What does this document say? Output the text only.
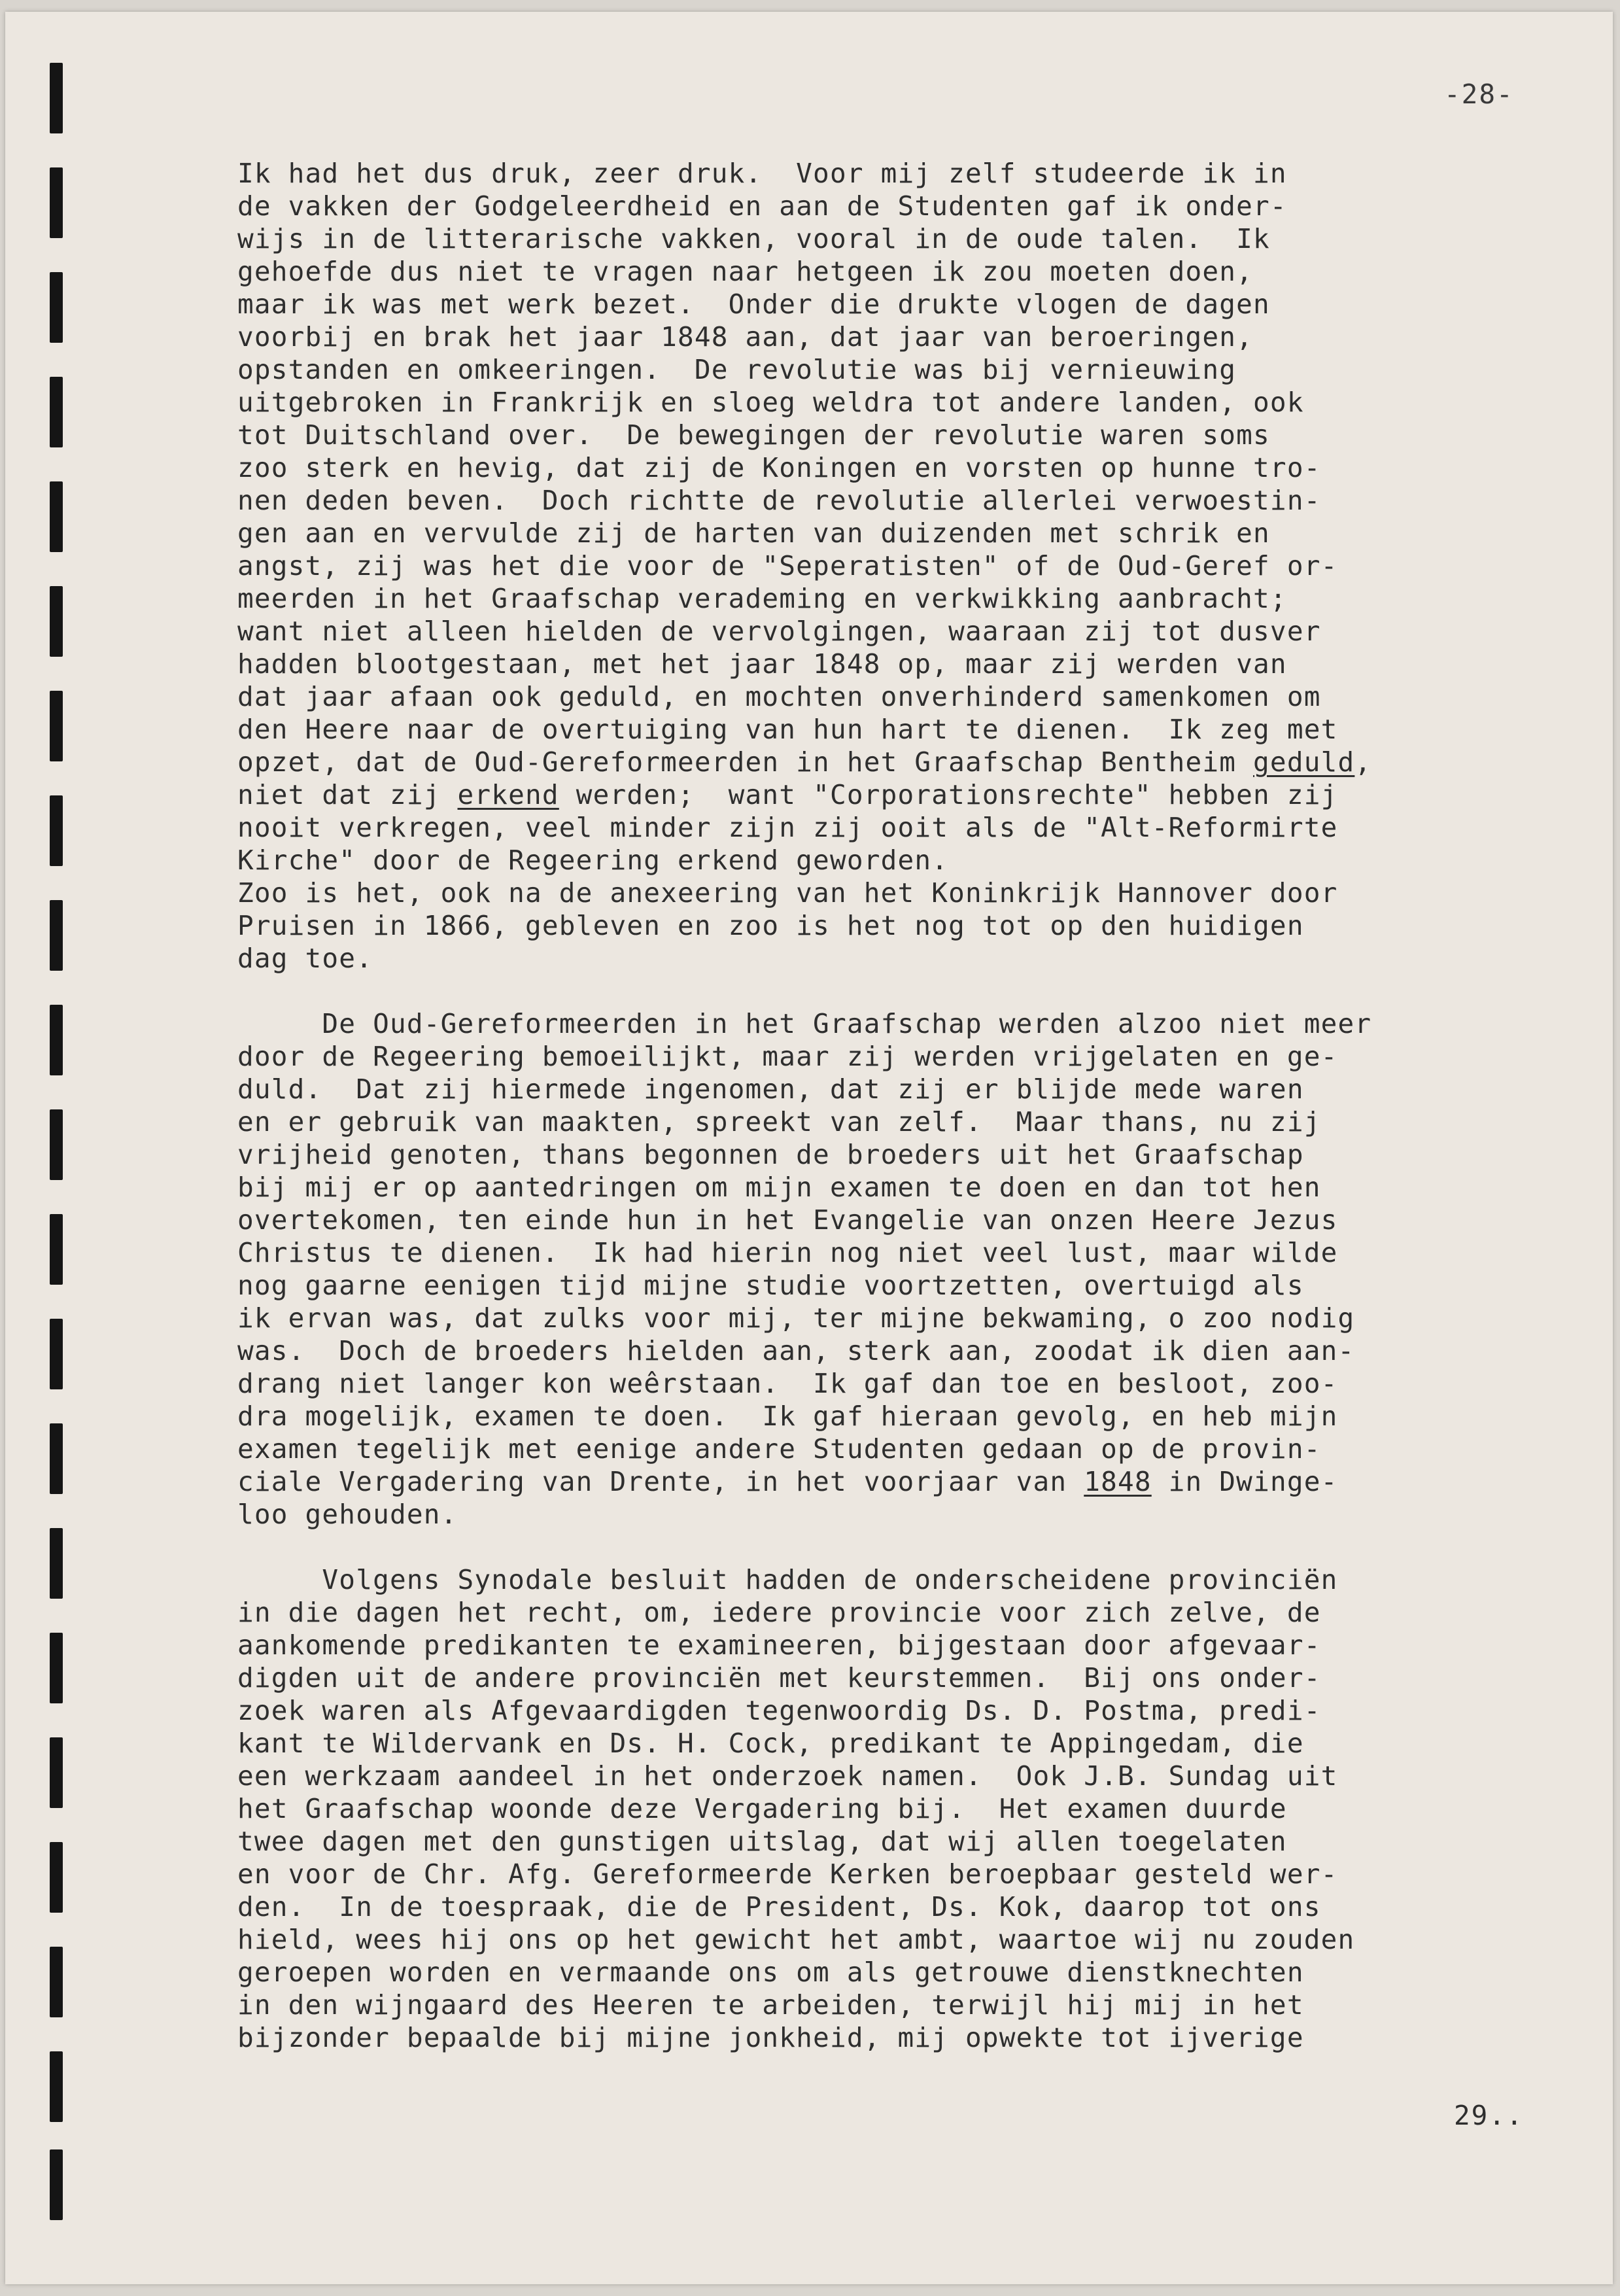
-28-
Ik had het dus druk, zeer druk.  Voor mij zelf studeerde ik in
de vakken der Godgeleerdheid en aan de Studenten gaf ik onder-
wijs in de litterarische vakken, vooral in de oude talen.  Ik
gehoefde dus niet te vragen naar hetgeen ik zou moeten doen,
maar ik was met werk bezet.  Onder die drukte vlogen de dagen
voorbij en brak het jaar 1848 aan, dat jaar van beroeringen,
opstanden en omkeeringen.  De revolutie was bij vernieuwing
uitgebroken in Frankrijk en sloeg weldra tot andere landen, ook
tot Duitschland over.  De bewegingen der revolutie waren soms
zoo sterk en hevig, dat zij de Koningen en vorsten op hunne tro-
nen deden beven.  Doch richtte de revolutie allerlei verwoestin-
gen aan en vervulde zij de harten van duizenden met schrik en
angst, zij was het die voor de "Seperatisten" of de Oud-Geref or-
meerden in het Graafschap verademing en verkwikking aanbracht;
want niet alleen hielden de vervolgingen, waaraan zij tot dusver
hadden blootgestaan, met het jaar 1848 op, maar zij werden van
dat jaar afaan ook geduld, en mochten onverhinderd samenkomen om
den Heere naar de overtuiging van hun hart te dienen.  Ik zeg met
opzet, dat de Oud-Gereformeerden in het Graafschap Bentheim geduld,
niet dat zij erkend werden;  want "Corporationsrechte" hebben zij
nooit verkregen, veel minder zijn zij ooit als de "Alt-Reformirte
Kirche" door de Regeering erkend geworden.
Zoo is het, ook na de anexeering van het Koninkrijk Hannover door
Pruisen in 1866, gebleven en zoo is het nog tot op den huidigen
dag toe.
De Oud-Gereformeerden in het Graafschap werden alzoo niet meer
door de Regeering bemoeilijkt, maar zij werden vrijgelaten en ge-
duld.  Dat zij hiermede ingenomen, dat zij er blijde mede waren
en er gebruik van maakten, spreekt van zelf.  Maar thans, nu zij
vrijheid genoten, thans begonnen de broeders uit het Graafschap
bij mij er op aantedringen om mijn examen te doen en dan tot hen
overtekomen, ten einde hun in het Evangelie van onzen Heere Jezus
Christus te dienen.  Ik had hierin nog niet veel lust, maar wilde
nog gaarne eenigen tijd mijne studie voortzetten, overtuigd als
ik ervan was, dat zulks voor mij, ter mijne bekwaming, o zoo nodig
was.  Doch de broeders hielden aan, sterk aan, zoodat ik dien aan-
drang niet langer kon weêrstaan.  Ik gaf dan toe en besloot, zoo-
dra mogelijk, examen te doen.  Ik gaf hieraan gevolg, en heb mijn
examen tegelijk met eenige andere Studenten gedaan op de provin-
ciale Vergadering van Drente, in het voorjaar van 1848 in Dwinge-
loo gehouden.
Volgens Synodale besluit hadden de onderscheidene provinciën
in die dagen het recht, om, iedere provincie voor zich zelve, de
aankomende predikanten te examineeren, bijgestaan door afgevaar-
digden uit de andere provinciën met keurstemmen.  Bij ons onder-
zoek waren als Afgevaardigden tegenwoordig Ds. D. Postma, predi-
kant te Wildervank en Ds. H. Cock, predikant te Appingedam, die
een werkzaam aandeel in het onderzoek namen.  Ook J.B. Sundag uit
het Graafschap woonde deze Vergadering bij.  Het examen duurde
twee dagen met den gunstigen uitslag, dat wij allen toegelaten
en voor de Chr. Afg. Gereformeerde Kerken beroepbaar gesteld wer-
den.  In de toespraak, die de President, Ds. Kok, daarop tot ons
hield, wees hij ons op het gewicht het ambt, waartoe wij nu zouden
geroepen worden en vermaande ons om als getrouwe dienstknechten
in den wijngaard des Heeren te arbeiden, terwijl hij mij in het
bijzonder bepaalde bij mijne jonkheid, mij opwekte tot ijverige
29..
